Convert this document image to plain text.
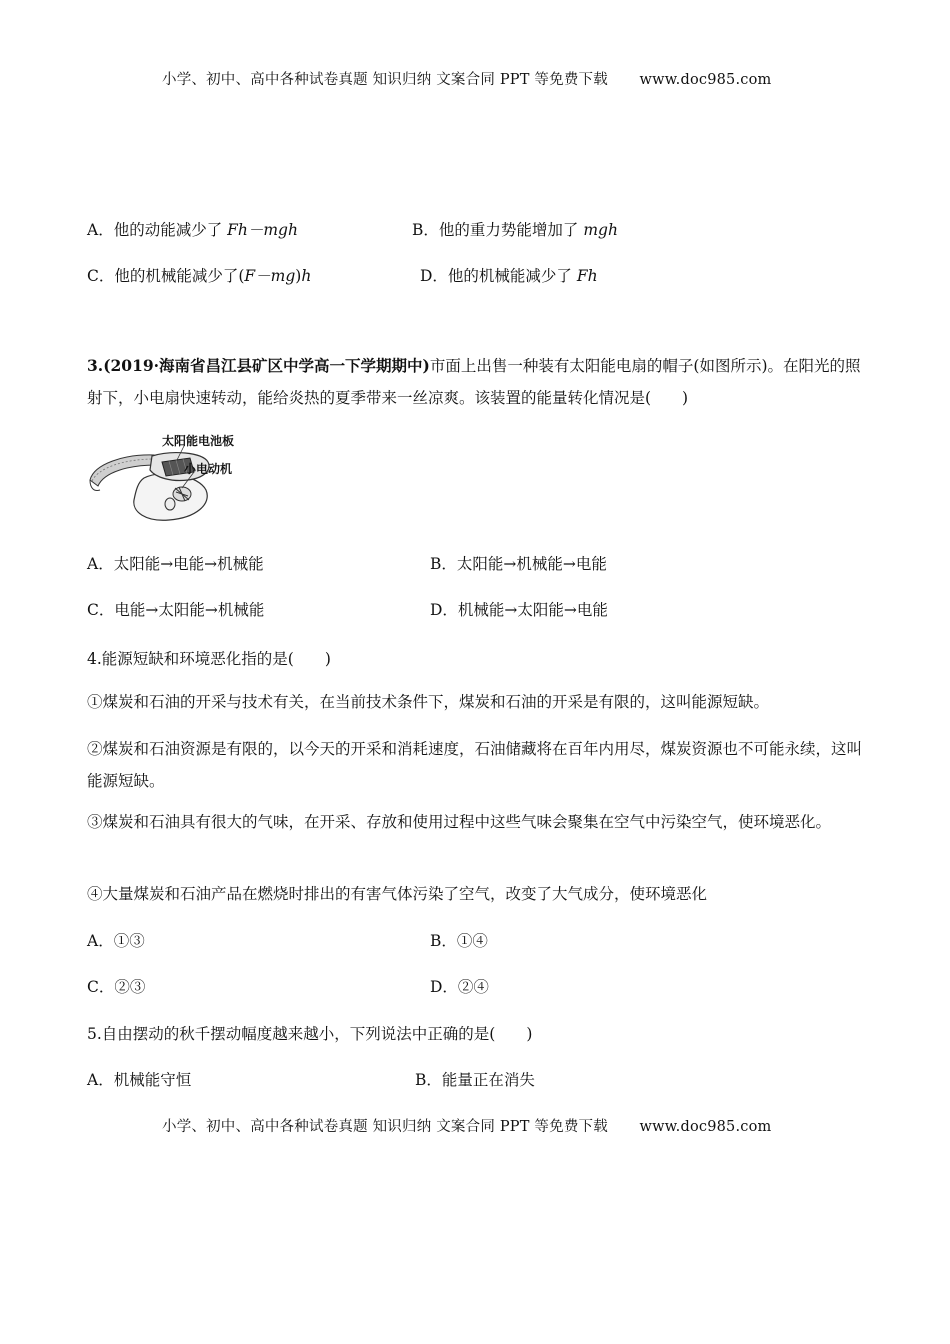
小学、初中、高中各种试卷真题 知识归纳 文案合同 PPT 等免费下载 www.doc985.com
A．他的动能减少了 Fh－mgh	B．他的重力势能增加了 mgh
C．他的机械能减少了(F－mg)h	D．他的机械能减少了 Fh
3.(2019·海南省昌江县矿区中学高一下学期期中)市面上出售一种装有太阳能电扇的帽子(如图所示)。在阳光的照射下，小电扇快速转动，能给炎热的夏季带来一丝凉爽。该装置的能量转化情况是(　　)
太阳能电池板
小电动机
A．太阳能→电能→机械能	B．太阳能→机械能→电能
C．电能→太阳能→机械能	D．机械能→太阳能→电能
4.能源短缺和环境恶化指的是(　　)
①煤炭和石油的开采与技术有关，在当前技术条件下，煤炭和石油的开采是有限的，这叫能源短缺。
②煤炭和石油资源是有限的，以今天的开采和消耗速度，石油储藏将在百年内用尽，煤炭资源也不可能永续，这叫能源短缺。
③煤炭和石油具有很大的气味，在开采、存放和使用过程中这些气味会聚集在空气中污染空气，使环境恶化。
④大量煤炭和石油产品在燃烧时排出的有害气体污染了空气，改变了大气成分，使环境恶化
A．①③	B．①④
C．②③	D．②④
5.自由摆动的秋千摆动幅度越来越小，下列说法中正确的是(　　)
A．机械能守恒	B．能量正在消失
小学、初中、高中各种试卷真题 知识归纳 文案合同 PPT 等免费下载 www.doc985.com
